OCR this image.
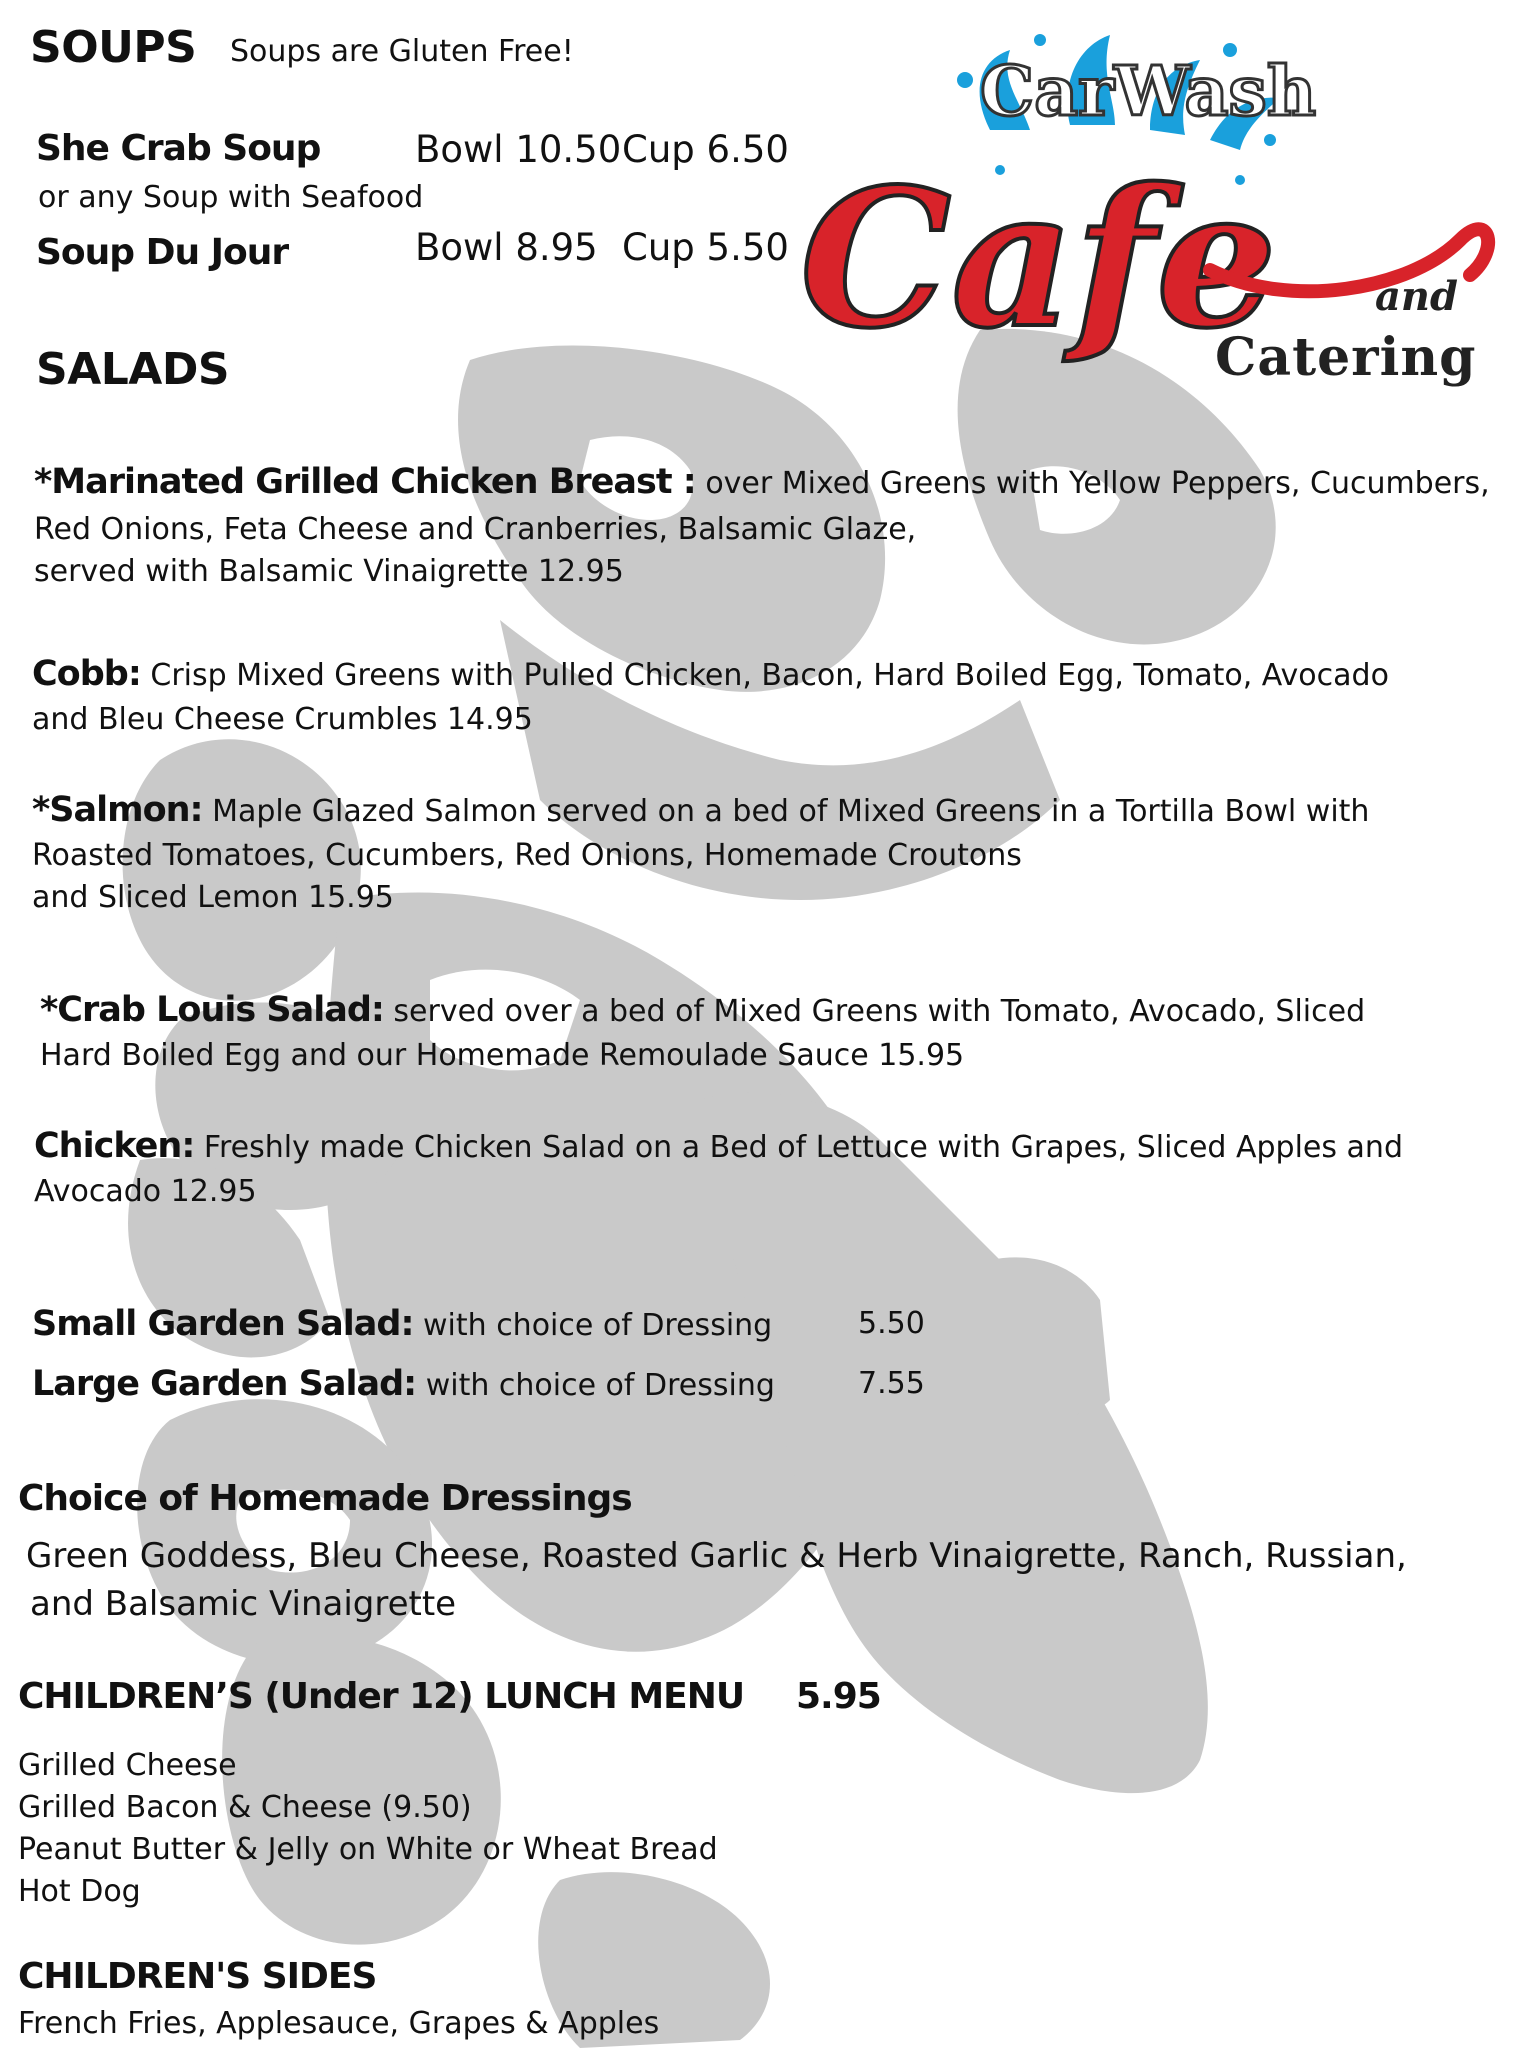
CarWash
Cafe and
Catering
SOUPS Soups are Gluten Free!
She Crab Soup	Bowl 10.50 Cup 6.50
or any Soup with Seafood
Soup Du Jour	Bowl 8.95 Cup 5.50
SALADS
*Marinated Grilled Chicken Breast : over Mixed Greens with Yellow Peppers, Cucumbers,
Red Onions, Feta Cheese and Cranberries, Balsamic Glaze,
served with Balsamic Vinaigrette 12.95
Cobb: Crisp Mixed Greens with Pulled Chicken, Bacon, Hard Boiled Egg, Tomato, Avocado
and Bleu Cheese Crumbles 14.95
*Salmon: Maple Glazed Salmon served on a bed of Mixed Greens in a Tortilla Bowl with
Roasted Tomatoes, Cucumbers, Red Onions, Homemade Croutons
and Sliced Lemon 15.95
*Crab Louis Salad: served over a bed of Mixed Greens with Tomato, Avocado, Sliced
Hard Boiled Egg and our Homemade Remoulade Sauce 15.95
Chicken: Freshly made Chicken Salad on a Bed of Lettuce with Grapes, Sliced Apples and
Avocado 12.95
Small Garden Salad: with choice of Dressing	5.50
Large Garden Salad: with choice of Dressing	7.55
Choice of Homemade Dressings
Green Goddess, Bleu Cheese, Roasted Garlic & Herb Vinaigrette, Ranch, Russian,
and Balsamic Vinaigrette
CHILDREN’S (Under 12) LUNCH MENU 5.95
Grilled Cheese
Grilled Bacon & Cheese (9.50)
Peanut Butter & Jelly on White or Wheat Bread
Hot Dog
CHILDREN'S SIDES
French Fries, Applesauce, Grapes & Apples
